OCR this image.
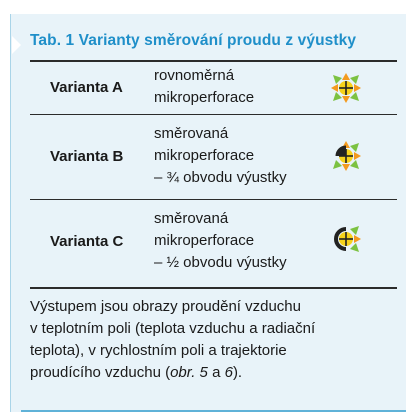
Tab. 1 Varianty směrování proudu z výustky
Varianta A
rovnoměrná
mikroperforace
Varianta B
směrovaná
mikroperforace
– ¾ obvodu výustky
Varianta C
směrovaná
mikroperforace
– ½ obvodu výustky
Výstupem jsou obrazy proudění vzduchu
v teplotním poli (teplota vzduchu a radiační
teplota), v rychlostním poli a trajektorie
proudícího vzduchu (obr. 5 a 6).
